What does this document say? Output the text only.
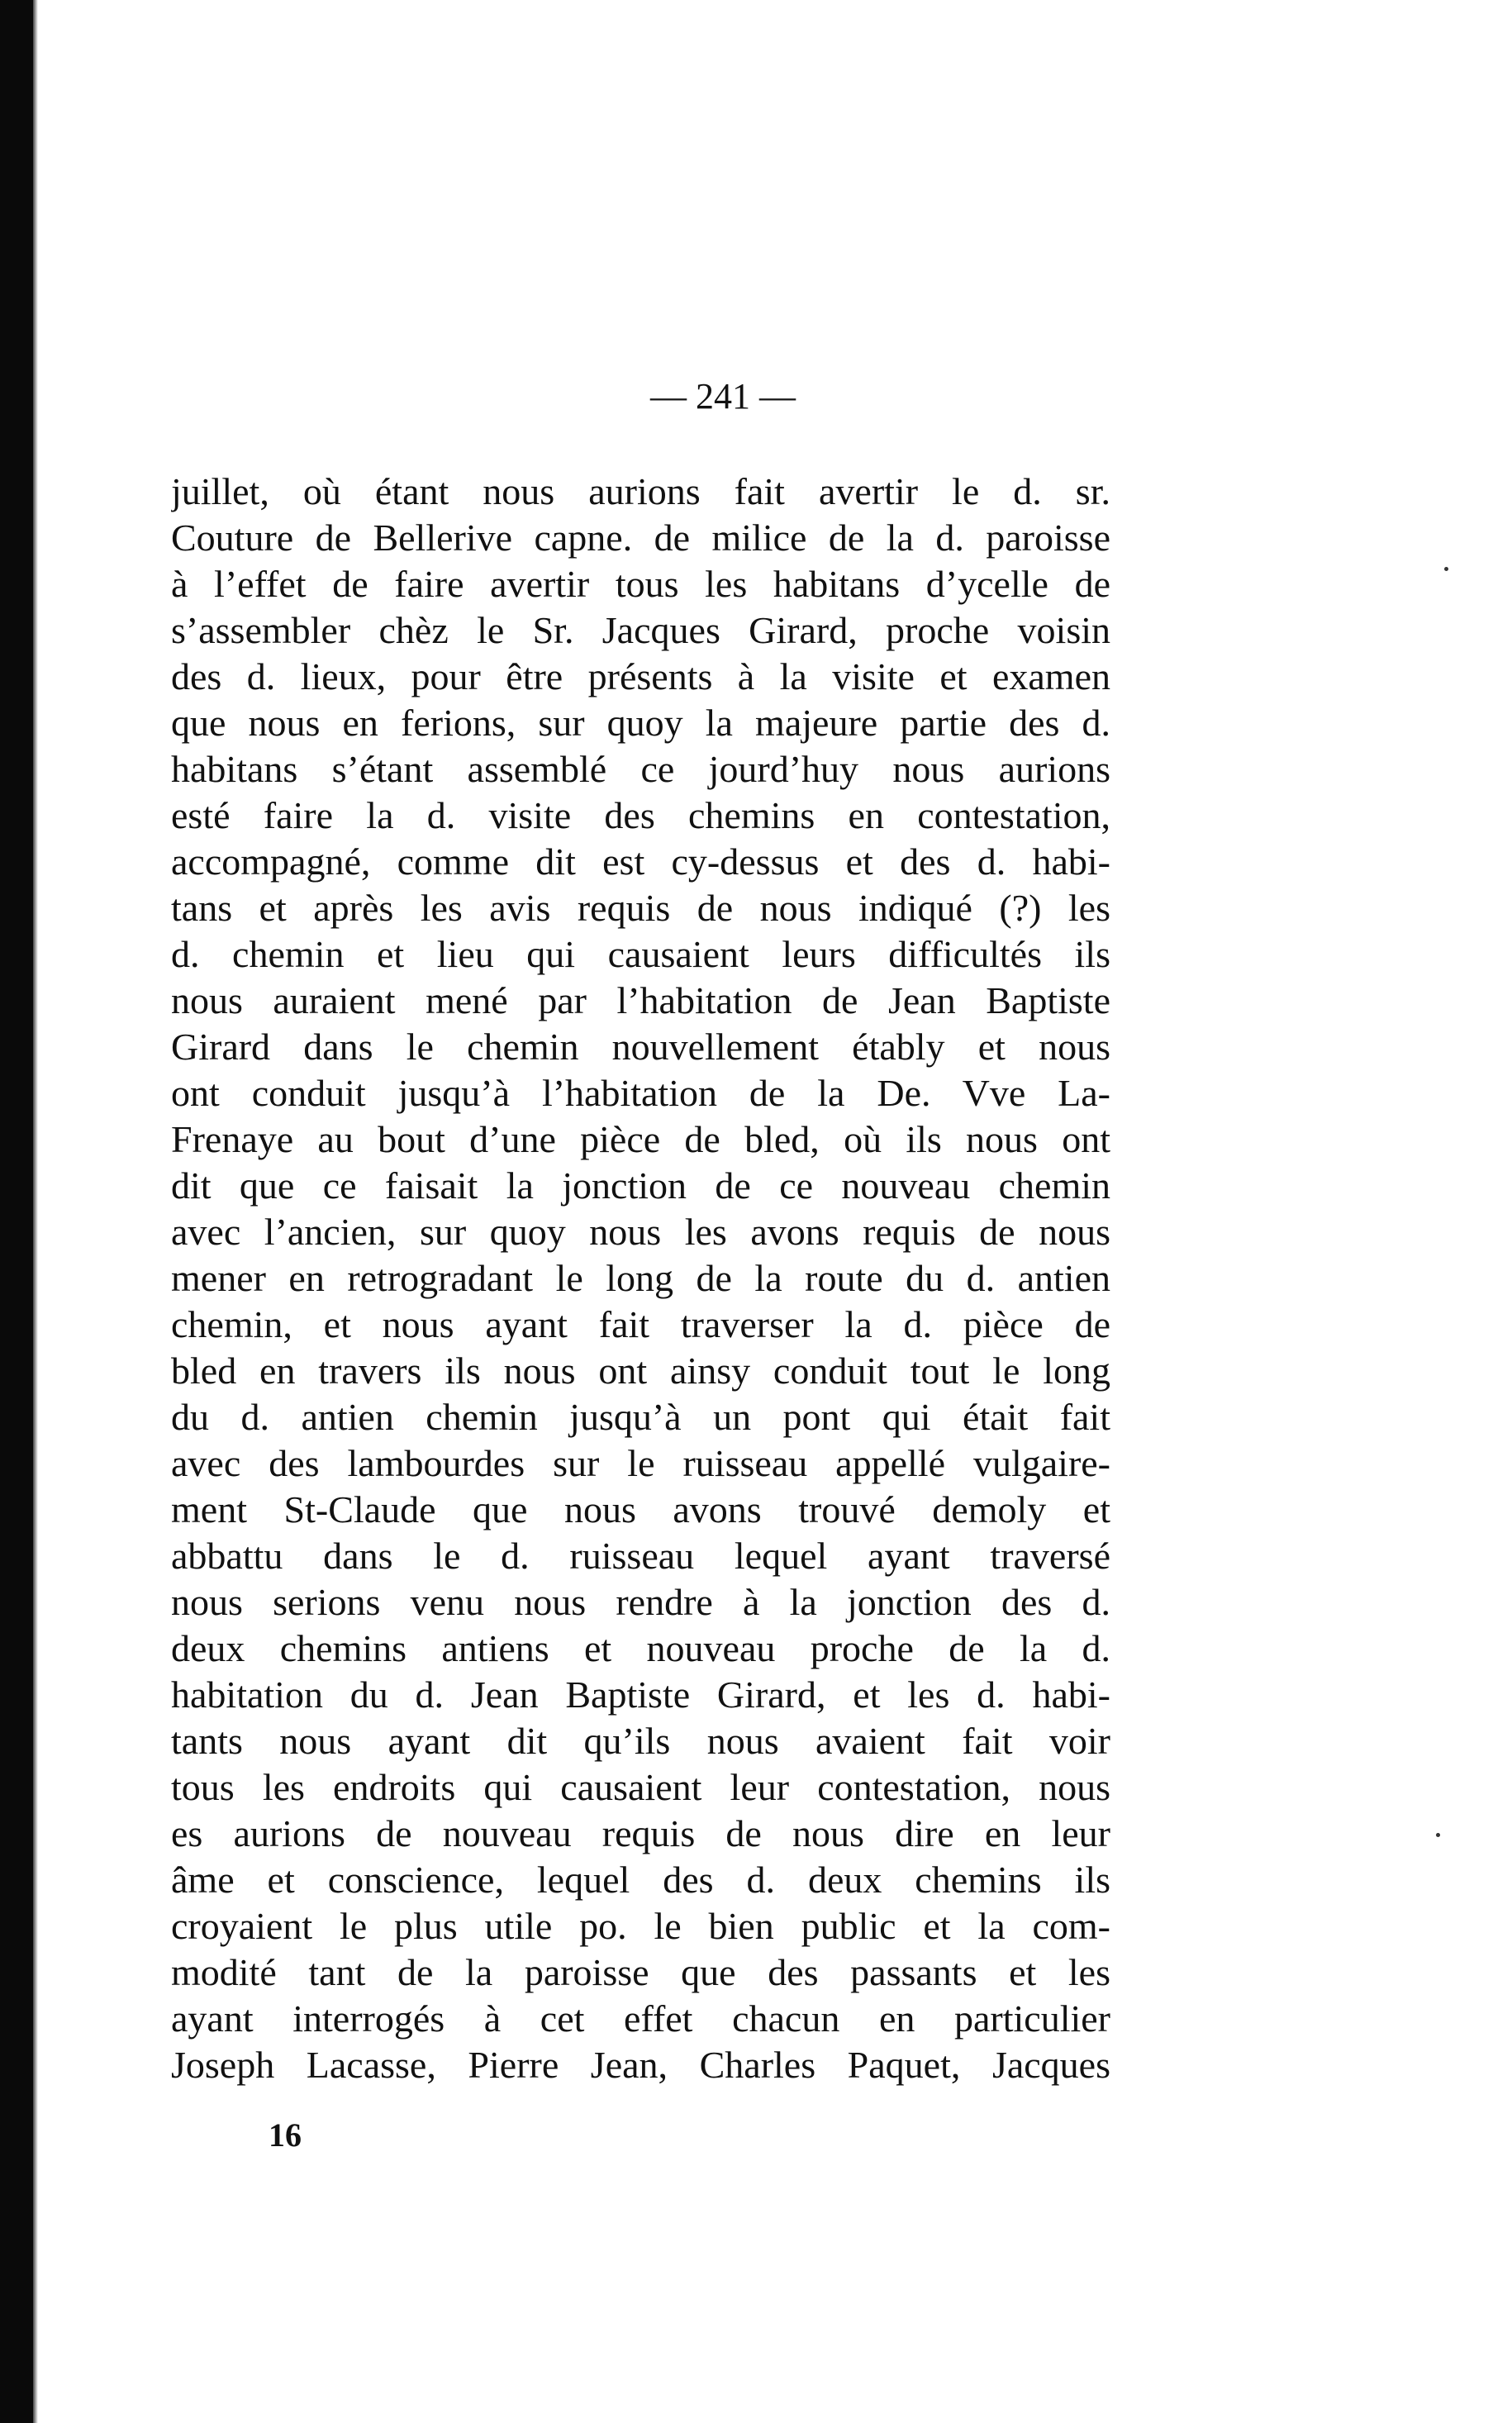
— 241 —
juillet, où étant nous aurions fait avertir le d. sr.
Couture de Bellerive capne. de milice de la d. paroisse
à l’effet de faire avertir tous les habitans d’ycelle de
s’assembler chèz le Sr. Jacques Girard, proche voisin
des d. lieux, pour être présents à la visite et examen
que nous en ferions, sur quoy la majeure partie des d.
habitans s’étant assemblé ce jourd’huy nous aurions
esté faire la d. visite des chemins en contestation,
accompagné, comme dit est cy-dessus et des d. habi-
tans et après les avis requis de nous indiqué (?) les
d. chemin et lieu qui causaient leurs difficultés ils
nous auraient mené par l’habitation de Jean Baptiste
Girard dans le chemin nouvellement étably et nous
ont conduit jusqu’à l’habitation de la De. Vve La-
Frenaye au bout d’une pièce de bled, où ils nous ont
dit que ce faisait la jonction de ce nouveau chemin
avec l’ancien, sur quoy nous les avons requis de nous
mener en retrogradant le long de la route du d. antien
chemin, et nous ayant fait traverser la d. pièce de
bled en travers ils nous ont ainsy conduit tout le long
du d. antien chemin jusqu’à un pont qui était fait
avec des lambourdes sur le ruisseau appellé vulgaire-
ment St-Claude que nous avons trouvé demoly et
abbattu dans le d. ruisseau lequel ayant traversé
nous serions venu nous rendre à la jonction des d.
deux chemins antiens et nouveau proche de la d.
habitation du d. Jean Baptiste Girard, et les d. habi-
tants nous ayant dit qu’ils nous avaient fait voir
tous les endroits qui causaient leur contestation, nous
es aurions de nouveau requis de nous dire en leur
âme et conscience, lequel des d. deux chemins ils
croyaient le plus utile po. le bien public et la com-
modité tant de la paroisse que des passants et les
ayant interrogés à cet effet chacun en particulier
Joseph Lacasse, Pierre Jean, Charles Paquet, Jacques
16
